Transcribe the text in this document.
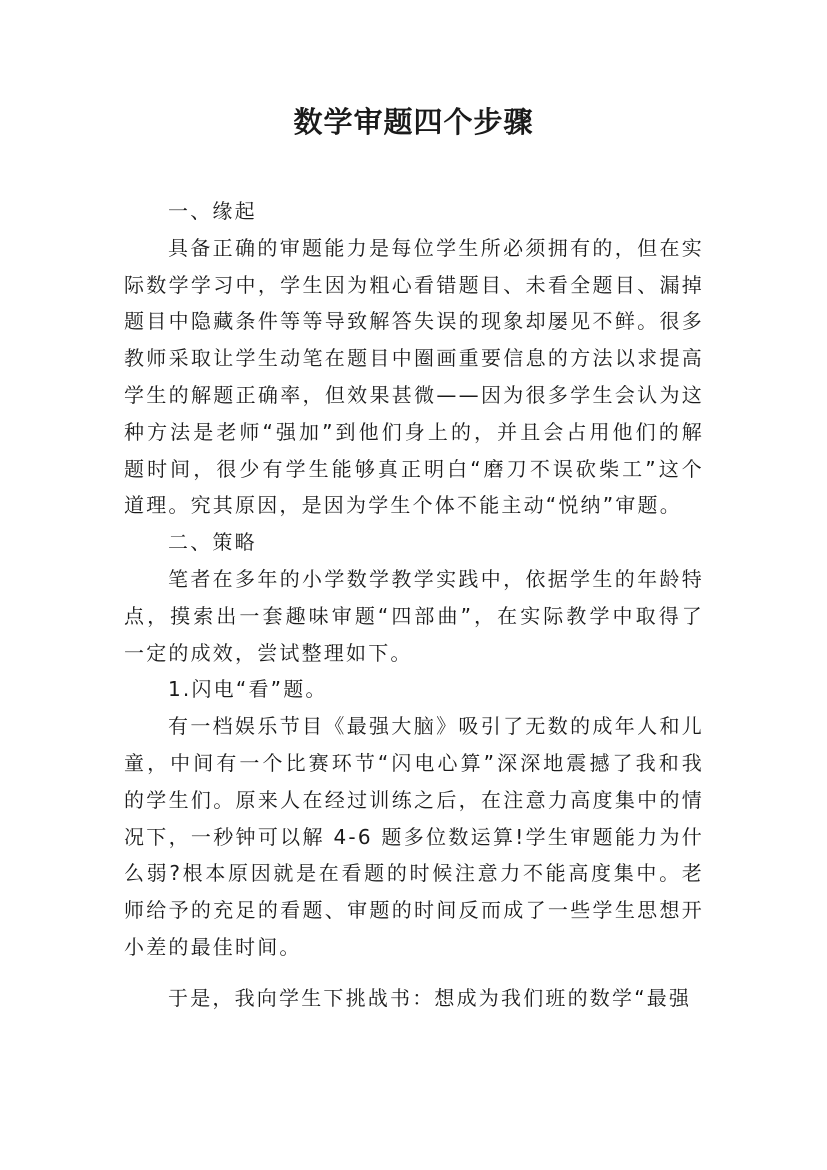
数学审题四个步骤

一、缘起

具备正确的审题能力是每位学生所必须拥有的，但在实际数学学习中，学生因为粗心看错题目、未看全题目、漏掉题目中隐藏条件等等导致解答失误的现象却屡见不鲜。很多教师采取让学生动笔在题目中圈画重要信息的方法以求提高学生的解题正确率，但效果甚微——因为很多学生会认为这种方法是老师“强加”到他们身上的，并且会占用他们的解题时间，很少有学生能够真正明白“磨刀不误砍柴工”这个道理。究其原因，是因为学生个体不能主动“悦纳”审题。

二、策略

笔者在多年的小学数学教学实践中，依据学生的年龄特点，摸索出一套趣味审题“四部曲”，在实际教学中取得了一定的成效，尝试整理如下。

1.闪电“看”题。

有一档娱乐节目《最强大脑》吸引了无数的成年人和儿童，中间有一个比赛环节“闪电心算”深深地震撼了我和我的学生们。原来人在经过训练之后，在注意力高度集中的情况下，一秒钟可以解 4-6 题多位数运算!学生审题能力为什么弱?根本原因就是在看题的时候注意力不能高度集中。老师给予的充足的看题、审题的时间反而成了一些学生思想开小差的最佳时间。

于是，我向学生下挑战书：想成为我们班的数学“最强
